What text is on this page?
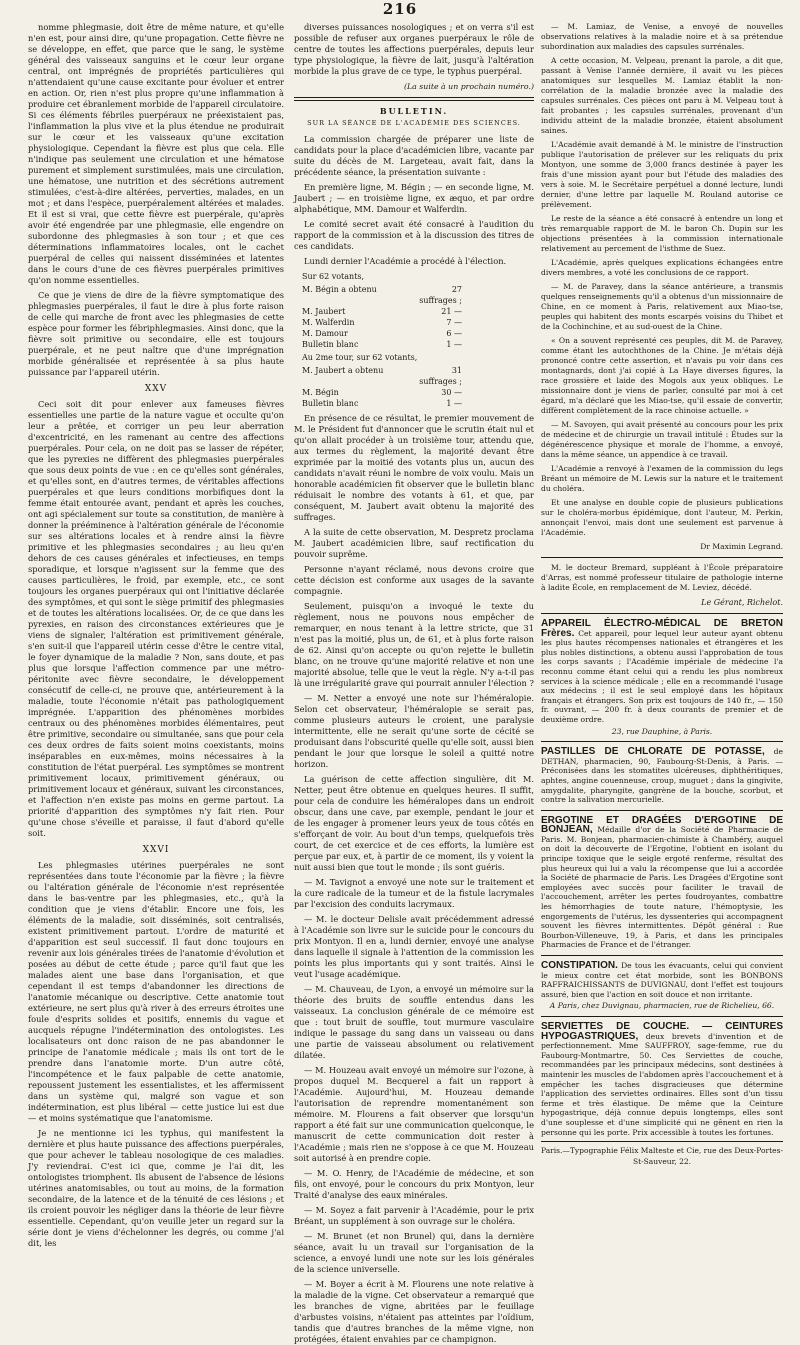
216

nomme phlegmasie, doit être de même nature, et qu'elle n'en est, pour ainsi dire, qu'une propagation. Cette fièvre ne se développe, en effet, que parce que le sang, le système général des vaisseaux sanguins et le cœur leur organe central, ont imprégnés de propriétés particulières qui n'attendaient qu'une cause excitante pour évoluer et entrer en action. Or, rien n'est plus propre qu'une inflammation à produire cet ébranlement morbide de l'appareil circulatoire. Si ces éléments fébriles puerpéraux ne préexistaient pas, l'inflammation la plus vive et la plus étendue ne produirait sur le cœur et les vaisseaux qu'une excitation physiologique. Cependant la fièvre est plus que cela. Elle n'indique pas seulement une circulation et une hématose purement et simplement surstimulées, mais une circulation, une hématose, une nutrition et des sécrétions autrement stimulées, c'est-à-dire altérées, perverties, malades, en un mot ; et dans l'espèce, puerpéralement altérées et malades. Et il est si vrai, que cette fièvre est puerpérale, qu'après avoir été engendrée par une phlegmasie, elle engendre on subordonne des phlegmasies à son tour ; et que ces déterminations inflammatoires locales, ont le cachet puerpéral de celles qui naissent disséminées et latentes dans le cours d'une de ces fièvres puerpérales primitives qu'on nomme essentielles.

Ce que je viens de dire de la fièvre symptomatique des phlegmasies puerpérales, il faut le dire à plus forte raison de celle qui marche de front avec les phlegmasies de cette espèce pour former les fébriphlegmasies. Ainsi donc, que la fièvre soit primitive ou secondaire, elle est toujours puerpérale, et ne peut naître que d'une imprégnation morbide généralisée et représentée à sa plus haute puissance par l'appareil utérin.

XXV

Ceci soit dit pour enlever aux fameuses fièvres essentielles une partie de la nature vague et occulte qu'on leur a prêtée, et corriger un peu leur aberration d'excentricité, en les ramenant au centre des affections puerpérales. Pour cela, on ne doit pas se lasser de répéter, que les pyrexies ne diffèrent des phlegmasies puerpérales que sous deux points de vue : en ce qu'elles sont générales, et qu'elles sont, en d'autres termes, de véritables affections puerpérales et que leurs conditions morbifiques dont la femme était entourée avant, pendant et après les couches, ont agi spécialement sur toute sa constitution, de manière à donner la prééminence à l'altération générale de l'économie sur ses altérations locales et à rendre ainsi la fièvre primitive et les phlegmasies secondaires ; au lieu qu'en dehors de ces causes générales et infectieuses, en temps sporadique, et lorsque n'agissent sur la femme que des causes particulières, le froid, par exemple, etc., ce sont toujours les organes puerpéraux qui ont l'initiative déclarée des symptômes, et qui sont le siège primitif des phlegmasies et de toutes les altérations localisées. Or, de ce que dans les pyrexies, en raison des circonstances extérieures que je viens de signaler, l'altération est primitivement générale, s'en suit-il que l'appareil utérin cesse d'être le centre vital, le foyer dynamique de la maladie ? Non, sans doute, et pas plus que lorsque l'affection commence par une métro-péritonite avec fièvre secondaire, le développement consécutif de celle-ci, ne prouve que, antérieurement à la maladie, toute l'économie n'était pas pathologiquement imprégnée. L'apparition des phénomènes morbides centraux ou des phénomènes morbides élémentaires, peut être primitive, secondaire ou simultanée, sans que pour cela ces deux ordres de faits soient moins coexistants, moins inséparables en eux-mêmes, moins nécessaires à la constitution de l'état puerpéral. Les symptômes se montrent primitivement locaux, primitivement généraux, ou primitivement locaux et généraux, suivant les circonstances, et l'affection n'en existe pas moins en germe partout. La priorité d'apparition des symptômes n'y fait rien. Pour qu'une chose s'éveille et paraisse, il faut d'abord qu'elle soit.

XXVI

Les phlegmasies utérines puerpérales ne sont représentées dans toute l'économie par la fièvre ; la fièvre ou l'altération générale de l'économie n'est représentée dans le bas-ventre par les phlegmasies, etc., qu'à la condition que je viens d'établir. Encore une fois, les éléments de la maladie, soit disséminés, soit centralisés, existent primitivement partout. L'ordre de maturité et d'apparition est seul successif. Il faut donc toujours en revenir aux lois générales tirées de l'anatomie d'évolution et posées au début de cette étude ; parce qu'il faut que les malades aient une base dans l'organisation, et que cependant il est temps d'abandonner les directions de l'anatomie mécanique ou descriptive. Cette anatomie tout extérieure, ne sert plus qu'à river à des erreurs étroites une foule d'esprits solides et positifs, ennemis du vague et aucquels répugne l'indétermination des ontologistes. Les localisateurs ont donc raison de ne pas abandonner le principe de l'anatomie médicale ; mais ils ont tort de le prendre dans l'anatomie morte. D'un autre côté, l'incompétence et le faux palpable de cette anatomie, repoussent justement les essentialistes, et les affermissent dans un système qui, malgré son vague et son indétermination, est plus libéral — cette justice lui est due — et moins systématique que l'anatomisme.

Je ne mentionne ici les typhus, qui manifestent la dernière et plus haute puissance des affections puerpérales, que pour achever le tableau nosologique de ces maladies. J'y reviendrai. C'est ici que, comme je l'ai dit, les ontologistes triomphent. Ils abusent de l'absence de lésions utérines anatomisables, ou tout au moins, de la formation secondaire, de la latence et de la ténuité de ces lésions ; et ils croient pouvoir les négliger dans la théorie de leur fièvre essentielle. Cependant, qu'on veuille jeter un regard sur la série dont je viens d'échelonner les degrés, ou comme j'ai dit, les

diverses puissances nosologiques ; et on verra s'il est possible de refuser aux organes puerpéraux le rôle de centre de toutes les affections puerpérales, depuis leur type physiologique, la fièvre de lait, jusqu'à l'altération morbide la plus grave de ce type, le typhus puerpéral.

(La suite à un prochain numéro.)
BULLETIN.
SUR LA SÉANCE DE L'ACADÉMIE DES SCIENCES.

La commission chargée de préparer une liste de candidats pour la place d'académicien libre, vacante par suite du décès de M. Largeteau, avait fait, dans la précédente séance, la présentation suivante :

En première ligne, M. Bégin ; — en seconde ligne, M. Jaubert ; — en troisième ligne, ex æquo, et par ordre alphabétique, MM. Damour et Walferdin.

Le comité secret avait été consacré à l'audition du rapport de la commission et à la discussion des titres de ces candidats.

Lundi dernier l'Académie a procédé à l'élection.

Sur 62 votants,
M. Bégin a obtenu	27 suffrages ;
M. Jaubert	21 —
M. Walferdin	7 —
M. Damour	6 —
Bulletin blanc	1 —
Au 2me tour, sur 62 votants,
M. Jaubert a obtenu	31 suffrages ;
M. Bégin	30 —
Bulletin blanc	1 —

En présence de ce résultat, le premier mouvement de M. le Président fut d'annoncer que le scrutin était nul et qu'on allait procéder à un troisième tour, attendu que, aux termes du règlement, la majorité devant être exprimée par la moitié des votants plus un, aucun des candidats n'avait réuni le nombre de voix voulu. Mais un honorable académicien fit observer que le bulletin blanc réduisait le nombre des votants à 61, et que, par conséquent, M. Jaubert avait obtenu la majorité des suffrages.

A la suite de cette observation, M. Despretz proclama M. Jaubert académicien libre, sauf rectification du pouvoir suprême.

Personne n'ayant réclamé, nous devons croire que cette décision est conforme aux usages de la savante compagnie.

Seulement, puisqu'on a invoqué le texte du règlement, nous ne pouvons nous empêcher de remarquer, en nous tenant à la lettre stricte, que 31 n'est pas la moitié, plus un, de 61, et à plus forte raison de 62. Ainsi qu'on accepte ou qu'on rejette le bulletin blanc, on ne trouve qu'une majorité relative et non une majorité absolue, telle que le veut la règle. N'y a-t-il pas là une irrégularité grave qui pourrait annuler l'élection ?

— M. Netter a envoyé une note sur l'héméralopie. Selon cet observateur, l'héméralopie se serait pas, comme plusieurs auteurs le croient, une paralysie intermittente, elle ne serait qu'une sorte de cécité se produisant dans l'obscurité quelle qu'elle soit, aussi bien pendant le jour que lorsque le soleil a quitté notre horizon.

La guérison de cette affection singulière, dit M. Netter, peut être obtenue en quelques heures. Il suffit, pour cela de conduire les héméralopes dans un endroit obscur, dans une cave, par exemple, pendant le jour et de les engager à promener leurs yeux de tous côtés en s'efforçant de voir. Au bout d'un temps, quelquefois très court, de cet exercice et de ces efforts, la lumière est perçue par eux, et, à partir de ce moment, ils y voient la nuit aussi bien que tout le monde ; ils sont guéris.

— M. Tavignot a envoyé une note sur le traitement et la cure radicale de la tumeur et de la fistule lacrymales par l'excision des conduits lacrymaux.

— M. le docteur Delisle avait précédemment adressé à l'Académie son livre sur le suicide pour le concours du prix Montyon. Il en a, lundi dernier, envoyé une analyse dans laquelle il signale à l'attention de la commission les points les plus importants qui y sont traités. Ainsi le veut l'usage académique.

— M. Chauveau, de Lyon, a envoyé un mémoire sur la théorie des bruits de souffle entendus dans les vaisseaux. La conclusion générale de ce mémoire est que : tout bruit de souffle, tout murmure vasculaire indique le passage du sang dans un vaisseau ou dans une partie de vaisseau absolument ou relativement dilatée.

— M. Houzeau avait envoyé un mémoire sur l'ozone, à propos duquel M. Becquerel a fait un rapport à l'Académie. Aujourd'hui, M. Houzeau demande l'autorisation de reprendre momentanément son mémoire. M. Flourens a fait observer que lorsqu'un rapport a été fait sur une communication quelconque, le manuscrit de cette communication doit rester à l'Académie ; mais rien ne s'oppose à ce que M. Houzeau soit autorisé à en prendre copie.

— M. O. Henry, de l'Académie de médecine, et son fils, ont envoyé, pour le concours du prix Montyon, leur Traité d'analyse des eaux minérales.

— M. Soyez a fait parvenir à l'Académie, pour le prix Bréant, un supplément à son ouvrage sur le choléra.

— M. Brunet (et non Brunel) qui, dans la dernière séance, avait lu un travail sur l'organisation de la science, a envoyé lundi une note sur les lois générales de la science universelle.

— M. Boyer a écrit à M. Flourens une note relative à la maladie de la vigne. Cet observateur a remarqué que les branches de vigne, abritées par le feuillage d'arbustes voisins, n'étaient pas atteintes par l'oïdium, tandis que d'autres branches de la même vigne, non protégées, étaient envahies par ce champignon.

— M. Lamiaz, de Venise, a envoyé de nouvelles observations relatives à la maladie noire et à sa prétendue subordination aux maladies des capsules surrénales.

A cette occasion, M. Velpeau, prenant la parole, a dit que, passant à Venise l'année dernière, il avait vu les pièces anatomiques sur lesquelles M. Lamiaz établit la non-corrélation de la maladie bronzée avec la maladie des capsules surrénales. Ces pièces ont paru à M. Velpeau tout à fait probantes ; les capsules surrénales, provenant d'un individu atteint de la maladie bronzée, étaient absolument saines.

L'Académie avait demandé à M. le ministre de l'instruction publique l'autorisation de prélever sur les reliquats du prix Montyon, une somme de 3,000 francs destinée à payer les frais d'une mission ayant pour but l'étude des maladies des vers à soie. M. le Secrétaire perpétuel a donné lecture, lundi dernier, d'une lettre par laquelle M. Rouland autorise ce prélèvement.

Le reste de la séance a été consacré à entendre un long et très remarquable rapport de M. le baron Ch. Dupin sur les objections présentées à la commission internationale relativement au percement de l'isthme de Suez.

L'Académie, après quelques explications échangées entre divers membres, a voté les conclusions de ce rapport.

— M. de Paravey, dans la séance antérieure, a transmis quelques renseignements qu'il a obtenus d'un missionnaire de Chine, en ce moment à Paris, relativement aux Miao-tse, peuples qui habitent des monts escarpés voisins du Thibet et de la Cochinchine, et au sud-ouest de la Chine.

« On a souvent représenté ces peuples, dit M. de Paravey, comme étant les autochthones de la Chine. Je m'étais déjà prononcé contre cette assertion, et n'avais pu voir dans ces montagnards, dont j'ai copié à La Haye diverses figures, la race grossière et laide des Mogols aux yeux obliques. Le missionnaire dont je viens de parler, consulté par moi à cet égard, m'a déclaré que les Miao-tse, qu'il essaie de convertir, diffèrent complètement de la race chinoise actuelle. »

— M. Savoyen, qui avait présenté au concours pour les prix de médecine et de chirurgie un travail intitulé : Études sur la dégénérescence physique et morale de l'homme, a envoyé, dans la même séance, un appendice à ce travail.

L'Académie a renvoyé à l'examen de la commission du legs Bréant un mémoire de M. Lewis sur la nature et le traitement du choléra.

Et une analyse en double copie de plusieurs publications sur le choléra-morbus épidémique, dont l'auteur, M. Perkin, annonçait l'envoi, mais dont une seulement est parvenue à l'Académie.

Dr Maximin Legrand.

M. le docteur Bremard, suppléant à l'École préparatoire d'Arras, est nommé professeur titulaire de pathologie interne à ladite École, en remplacement de M. Leviez, décédé.

Le Gérant, Richelot.
APPAREIL ÉLECTRO-MÉDICAL DE BRETON Frères. Cet appareil, pour lequel leur auteur ayant obtenu les plus hautes récompenses nationales et étrangères et les plus nobles distinctions, a obtenu aussi l'approbation de tous les corps savants ; l'Académie impériale de médecine l'a reconnu comme étant celui qui a rendu les plus nombreux services à la science médicale ; elle en a recommandé l'usage aux médecins ; il est le seul employé dans les hôpitaux français et étrangers. Son prix est toujours de 140 fr., — 150 fr. ouvrant, — 200 fr. à deux courants de premier et de deuxième ordre.
23, rue Dauphine, à Paris.
PASTILLES DE CHLORATE DE POTASSE, de DETHAN, pharmacien, 90, Faubourg-St-Denis, à Paris. — Préconisées dans les stomatites ulcéreuses, diphthéritiques, aphtes, angine couenneuse, croup, muguet ; dans la gingivite, amygdalite, pharyngite, gangrène de la bouche, scorbut, et contre la salivation mercurielle.
ERGOTINE ET DRAGÉES D'ERGOTINE DE BONJEAN, Médaille d'or de la Société de Pharmacie de Paris. M. Bonjean, pharmacien-chimiste à Chambéry, auquel on doit la découverte de l'Ergotine, l'obtient en isolant du principe toxique que le seigle ergoté renferme, résultat des plus heureux qui lui a valu la récompense que lui a accordée la Société de pharmacie de Paris. Les Dragées d'Ergotine sont employées avec succès pour faciliter le travail de l'accouchement, arrêter les pertes foudroyantes, combattre les hémorrhagies de toute nature, l'hémoptysie, les engorgements de l'utérus, les dyssenteries qui accompagnent souvent les fièvres intermittentes. Dépôt général : Rue Bourbon-Villeneuve, 19, à Paris, et dans les principales Pharmacies de France et de l'étranger.
CONSTIPATION. De tous les évacuants, celui qui convient le mieux contre cet état morbide, sont les BONBONS RAFFRAICHISSANTS de DUVIGNAU, dont l'effet est toujours assuré, bien que l'action en soit douce et non irritante.
A Paris, chez Duvignau, pharmacien, rue de Richelieu, 66.
SERVIETTES DE COUCHE. — CEINTURES HYPOGASTRIQUES, deux brevets d'invention et de perfectionnement. Mme SAUFFROY, sage-femme, rue du Faubourg-Montmartre, 50. Ces Serviettes de couche, recommandées par les principaux médecins, sont destinées à maintenir les muscles de l'abdomen après l'accouchement et à empêcher les taches disgracieuses que détermine l'application des serviettes ordinaires. Elles sont d'un tissu ferme et très élastique. De même que la Ceinture hypogastrique, déjà connue depuis longtemps, elles sont d'une souplesse et d'une simplicité qui ne gênent en rien la personne qui les porte. Prix accessible à toutes les fortunes.
Paris.—Typographie Félix Malteste et Cie, rue des Deux-Portes-St-Sauveur, 22.
